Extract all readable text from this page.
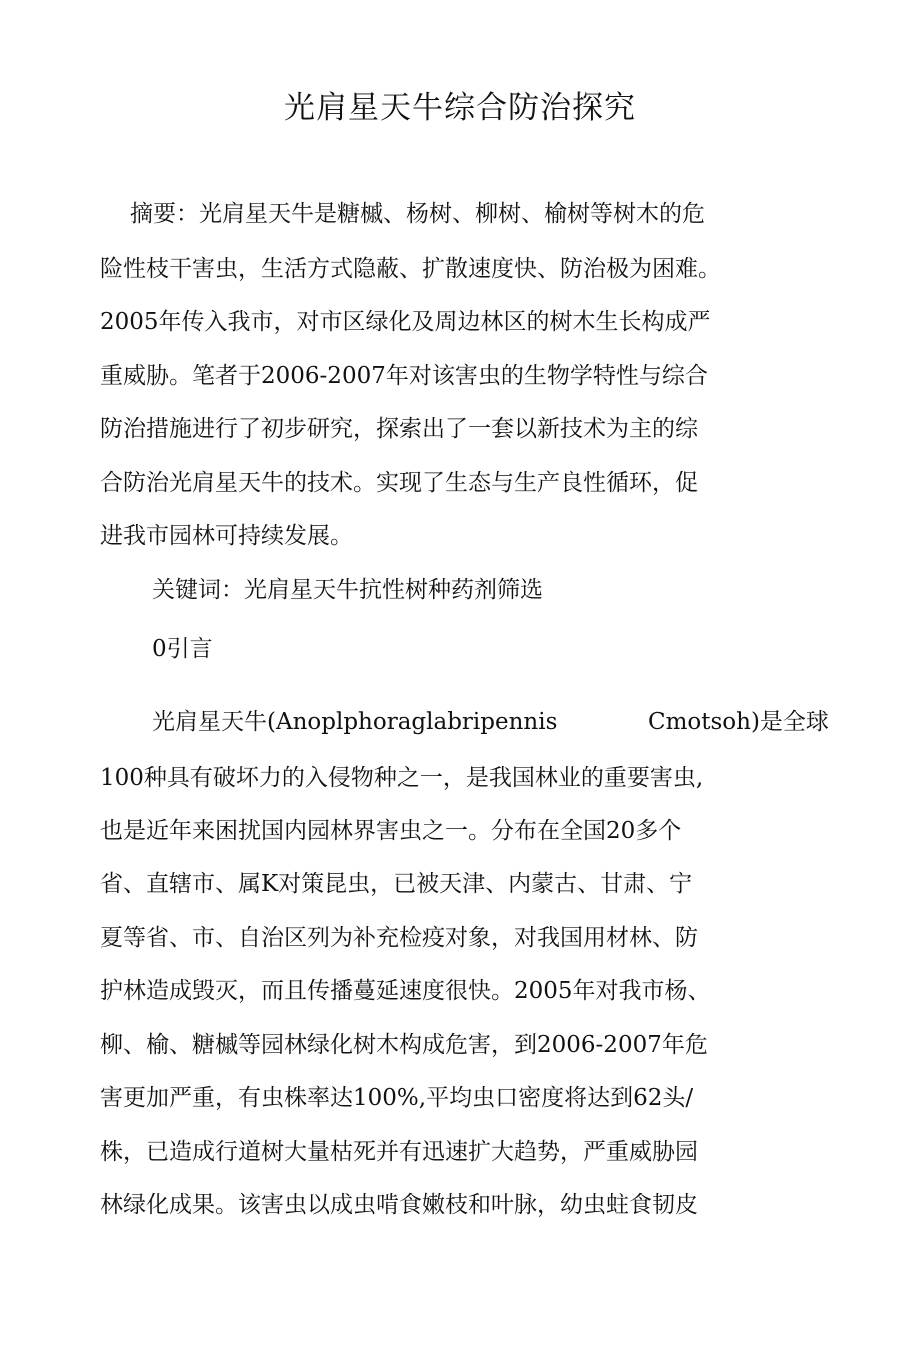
光肩星天牛综合防治探究

摘要：光肩星天牛是糖槭、杨树、柳树、榆树等树木的危

险性枝干害虫，生活方式隐蔽、扩散速度快、防治极为困难。

2005年传入我市，对市区绿化及周边林区的树木生长构成严

重威胁。笔者于2006-2007年对该害虫的生物学特性与综合

防治措施进行了初步研究，探索出了一套以新技术为主的综

合防治光肩星天牛的技术。实现了生态与生产良性循环，促

进我市园林可持续发展。

关键词：光肩星天牛抗性树种药剂筛选

0引言

光肩星天牛(Anoplphoraglabripennis	Cmotsoh)是全球

100种具有破坏力的入侵物种之一，是我国林业的重要害虫,

也是近年来困扰国内园林界害虫之一。分布在全国20多个

省、直辖市、属K对策昆虫，已被天津、内蒙古、甘肃、宁

夏等省、市、自治区列为补充检疫对象，对我国用材林、防

护林造成毁灭，而且传播蔓延速度很快。2005年对我市杨、

柳、榆、糖槭等园林绿化树木构成危害，到2006-2007年危

害更加严重，有虫株率达100%,平均虫口密度将达到62头/

株，已造成行道树大量枯死并有迅速扩大趋势，严重威胁园

林绿化成果。该害虫以成虫啃食嫩枝和叶脉，幼虫蛀食韧皮
